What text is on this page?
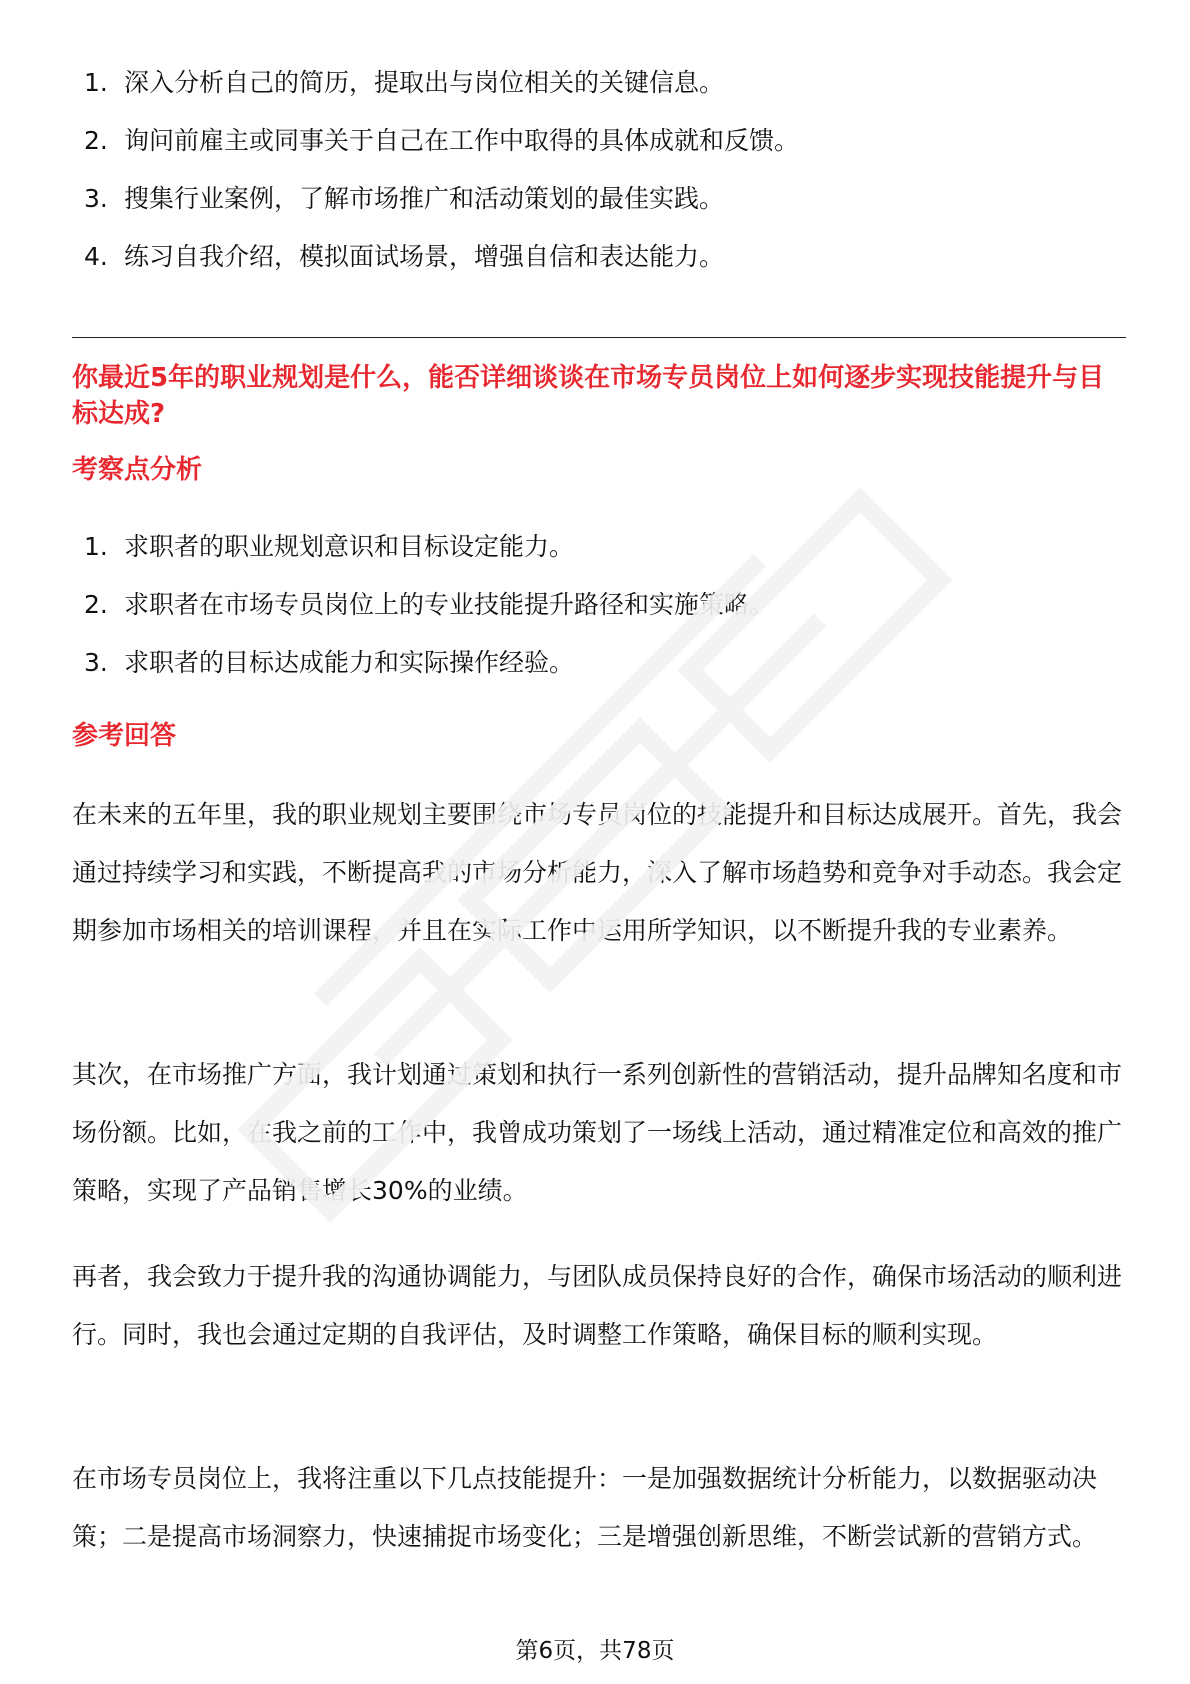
1. 深入分析自己的简历，提取出与岗位相关的关键信息。
2. 询问前雇主或同事关于自己在工作中取得的具体成就和反馈。
3. 搜集行业案例，了解市场推广和活动策划的最佳实践。
4. 练习自我介绍，模拟面试场景，增强自信和表达能力。
你最近5年的职业规划是什么，能否详细谈谈在市场专员岗位上如何逐步实现技能提升与目标达成?
考察点分析
1. 求职者的职业规划意识和目标设定能力。
2. 求职者在市场专员岗位上的专业技能提升路径和实施策略。
3. 求职者的目标达成能力和实际操作经验。
参考回答

在未来的五年里，我的职业规划主要围绕市场专员岗位的技能提升和目标达成展开。首先，我会通过持续学习和实践，不断提高我的市场分析能力，深入了解市场趋势和竞争对手动态。我会定期参加市场相关的培训课程，并且在实际工作中运用所学知识，以不断提升我的专业素养。

其次，在市场推广方面，我计划通过策划和执行一系列创新性的营销活动，提升品牌知名度和市场份额。比如，在我之前的工作中，我曾成功策划了一场线上活动，通过精准定位和高效的推广策略，实现了产品销售增长30%的业绩。

再者，我会致力于提升我的沟通协调能力，与团队成员保持良好的合作，确保市场活动的顺利进行。同时，我也会通过定期的自我评估，及时调整工作策略，确保目标的顺利实现。

在市场专员岗位上，我将注重以下几点技能提升：一是加强数据统计分析能力，以数据驱动决策；二是提高市场洞察力，快速捕捉市场变化；三是增强创新思维，不断尝试新的营销方式。

第6页，共78页
